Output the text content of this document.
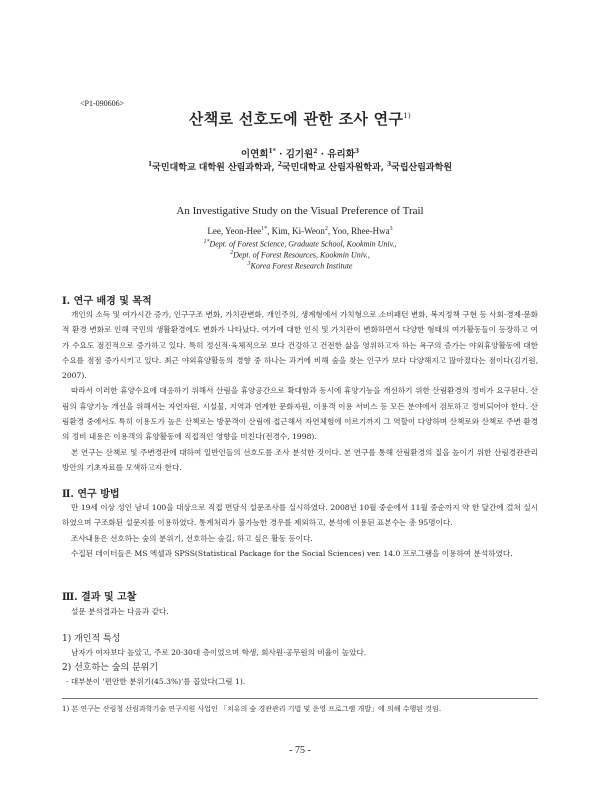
<P1-090606>
산책로 선호도에 관한 조사 연구$^{1)}$
이연희$^{1*}$ · 김기원$^2$ · 유리화$^3$
$^1$국민대학교 대학원 산림과학과, $^2$국민대학교 산림자원학과, $^3$국립산림과학원
An Investigative Study on the Visual Preference of Trail
Lee, Yeon-Hee$^{1*}$, Kim, Ki-Weon$^2$, Yoo, Rhee-Hwa$^3$
$^{1*}$Dept. of Forest Science, Graduate School, Kookmin Univ.,
$^2$Dept. of Forest Resources, Kookmin Univ.,
$^3$Korea Forest Research Institute
Ⅰ. 연구 배경 및 목적

개인의 소득 및 여가시간 증가, 인구구조 변화, 가치관변화, 개인주의, 생계형에서 가치형으로 소비패턴 변화, 복지정책 구현 등 사회·경제·문화적 환경 변화로 인해 국민의 생활환경에도 변화가 나타났다. 여가에 대한 인식 및 가치관이 변화하면서 다양한 형태의 여가활동들이 등장하고 여가 수요도 점진적으로 증가하고 있다. 특히 정신적·육체적으로 보다 건강하고 건전한 삶을 영위하고자 하는 욕구의 증가는 야외휴양활동에 대한 수요를 점점 증가시키고 있다. 최근 야외휴양활동의 경향 중 하나는 과거에 비해 숲을 찾는 인구가 보다 다양해지고 많아졌다는 점이다(김기원, 2007).

따라서 이러한 휴양수요에 대응하기 위해서 산림을 휴양공간으로 확대함과 동시에 휴양기능을 개선하기 위한 산림환경의 정비가 요구된다. 산림의 휴양기능 개선을 위해서는 자연자원, 시설물, 지역과 연계한 문화자원, 이용객 이용 서비스 등 모든 분야에서 검토하고 정비되어야 한다. 산림환경 중에서도 특히 이용도가 높은 산책로는 방문객이 산림에 접근해서 자연체험에 이르기까지 그 역할이 다양하며 산책로와 산책로 주변 환경의 정비 내용은 이용객의 휴양활동에 직접적인 영향을 미친다(전경수, 1998).

본 연구는 산책로 및 주변경관에 대하여 일반인들의 선호도를 조사 분석한 것이다. 본 연구를 통해 산림환경의 질을 높이기 위한 산림경관관리 방안의 기초자료를 모색하고자 한다.

Ⅱ. 연구 방법

만 19세 이상 성인 남녀 100을 대상으로 직접 면담식 설문조사를 실시하였다. 2008년 10월 중순에서 11월 중순까지 약 한 달간에 걸쳐 실시하였으며 구조화된 설문지를 이용하였다. 통계처리가 불가능한 경우를 제외하고, 분석에 이용된 표본수는 총 95명이다.

조사내용은 선호하는 숲의 분위기, 선호하는 숲길, 하고 싶은 활동 등이다.

수집된 데이터들은 MS 엑셀과 SPSS(Statistical Package for the Social Sciences) ver. 14.0 프로그램을 이용하여 분석하였다.

Ⅲ. 결과 및 고찰

설문 분석결과는 다음과 같다.

1) 개인적 특성

남자가 여자보다 높았고, 주로 20·30대 층이었으며 학생, 회사원·공무원의 비율이 높았다.

2) 선호하는 숲의 분위기

· 대부분이 '편안한 분위기(45.3%)'를 꼽았다(그림 1).

1) 본 연구는 산림청 산림과학기술 연구지원 사업인 「치유의 숲 경관관리 기법 및 운영 프로그램 개발」에 의해 수행된 것임.
- 75 -
